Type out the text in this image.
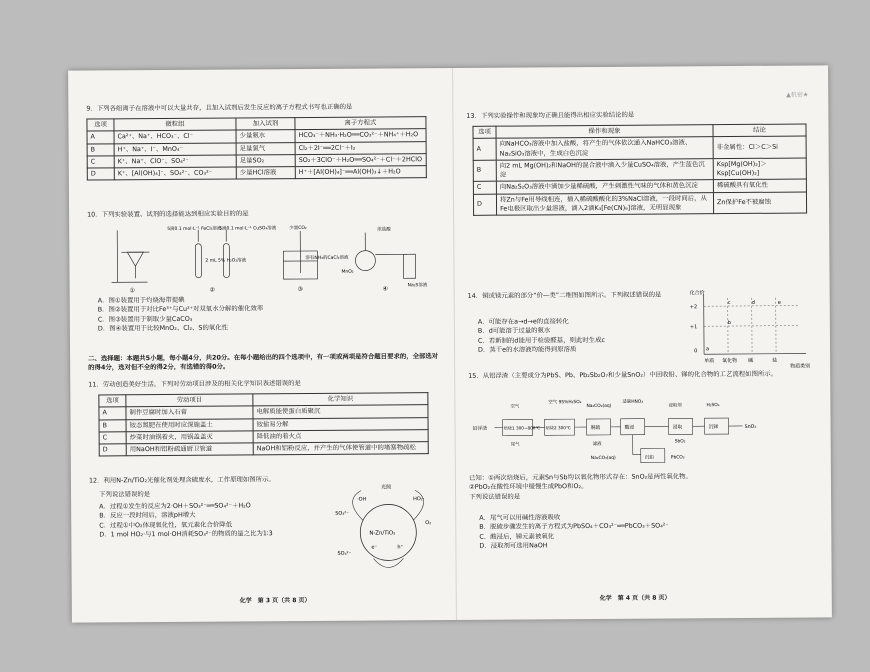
9．下列各组离子在溶液中可以大量共存，且加入试剂后发生反应的离子方程式书写也正确的是

选项	微粒组	加入试剂	离子方程式
A	Ca²⁺、Na⁺、HCO₃⁻、Cl⁻	少量氨水	HCO₃⁻＋NH₃·H₂O══CO₃²⁻＋NH₄⁺＋H₂O
B	H⁺、Na⁺、I⁻、MnO₄⁻	足量氯气	Cl₂＋2I⁻══2Cl⁻＋I₂
C	K⁺、Na⁺、ClO⁻、SO₄²⁻	足量SO₂	SO₂＋3ClO⁻＋H₂O══SO₄²⁻＋Cl⁻＋2HClO
D	K⁺、[Al(OH)₄]⁻、SO₄²⁻、CO₃²⁻	少量HCl溶液	H⁺＋[Al(OH)₄]⁻══Al(OH)₃↓＋H₂O

10．下列实验装置、试剂的选择能达到相应实验目的的是

①	②	③	④
5滴0.1 mol·L⁻¹ FeCl₃溶液
5滴0.1 mol·L⁻¹ CuSO₄溶液
2 mL 5% H₂O₂溶液
少量CO₂
溶有NH₃的CaCl₂溶液
浓盐酸
MnO₂
Na₂S溶液
A．图①装置用于灼烧海带提碘
B．图②装置用于对比Fe³⁺与Cu²⁺对双氧水分解的催化效率
C．图③装置用于制取少量CaCO₃
D．图④装置用于比较MnO₂、Cl₂、S的氧化性

二、选择题：本题共5小题，每小题4分，共20分。在每小题给出的四个选项中，有一项或两项是符合题目要求的，全部选对的得4分，选对但不全的得2分，有选错的得0分。

11．劳动创造美好生活。下列对劳动项目涉及的相关化学知识表述错误的是

选项	劳动项目	化学知识
A	制作豆腐时加入石膏	电解质能使蛋白质聚沉
B	铵态氮肥在使用时应深施盖土	铵盐易分解
C	炒菜时油锅着火，用锅盖盖灭	降低油的着火点
D	用NaOH和铝粉疏通厨卫管道	NaOH和铝粉反应，并产生的气体使管道中的堵塞物疏松

12．利用N-Zn/TiO₂光催化剂处理含硫废水，工作原理如图所示。

下列说法错误的是

A．过程①发生的反应为2·OH＋SO₃²⁻══SO₄²⁻＋H₂O
B．反应一段时间后，溶液pH增大
C．过程①中O₂体现氧化性，氧元素化合价降低
D．1 mol HO₂·与1 mol·OH消耗SO₃²⁻的物质的量之比为1∶3
光照
N-Zn/TiO₂
SO₃²⁻
·OH	HO₂·
O₂
SO₄²⁻
e⁻	h⁺
化学　第 3 页（共 8 页）
▲机密★

13．下列实验操作和现象均正确且能得出相应实验结论的是

选项	操作和现象	结论
A	向NaHCO₃溶液中加入盐酸，将产生的气体依次通入NaHCO₃溶液、Na₂SiO₃溶液中，生成白色沉淀	非金属性：Cl＞C＞Si
B	向2 mL Mg(OH)₂和NaOH的混合液中滴入少量CuSO₄溶液，产生蓝色沉淀	Ksp[Mg(OH)₂]＞Ksp[Cu(OH)₂]
C	向Na₂S₂O₃溶液中滴加少量稀硫酸，产生刺激性气味的气体和黄色沉淀	稀硫酸具有氧化性
D	将Zn与Fe用导线相连，插入稀硫酸酸化的3%NaCl溶液，一段时间后，从Fe电极区取出少量溶液，滴入2滴K₃[Fe(CN)₆]溶液，无明显现象	Zn保护Fe不被腐蚀

14．铜或镁元素的部分“价—类”二维图如图所示。下列叙述错误的是

A．可能存在a→d→e的直接转化
B．d可能溶于过量的氨水
C．若新制的d能用于检验醛基，则此时生成c
D．蒸干e的水溶液均能得到原溶质
化合价
+2
+1
0
单质 氧化物 碱	盐
物质类别
a
b
c	d	e

15．从铝浮渣（主要成分为PbS、Pb、Pb₂Sb₂O₇和少量SnO₂）中回收铅、锑的化合物的工艺流程如图所示。

铅浮渣	焙烧1 300~800℃ 焙烧2 300℃	脱硫	酸浸	浸取	沉锑	SnO₂
空气
空气 95%H₂SO₄
Na₂CO₃(aq)
适量HNO₃
浸取剂	H₂SO₄
尾气	滤液
Na₂CO₃(aq)	沉铅	PbCO₃
SbO₂
已知：①两次焙烧后，元素Sn与Sb均以氧化物形式存在：SnO₂是两性氧化物。
②PbO₂在酸性环境中缓慢生成PbO和O₂。
下列说法错误的是
A．尾气可以用碱性溶液吸收
B．脱硫步骤发生的离子方程式为PbSO₄＋CO₃²⁻══PbCO₃＋SO₄²⁻
C．酸浸后，锑元素被氧化
D．浸取剂可选用NaOH
化学　第 4 页（共 8 页）
